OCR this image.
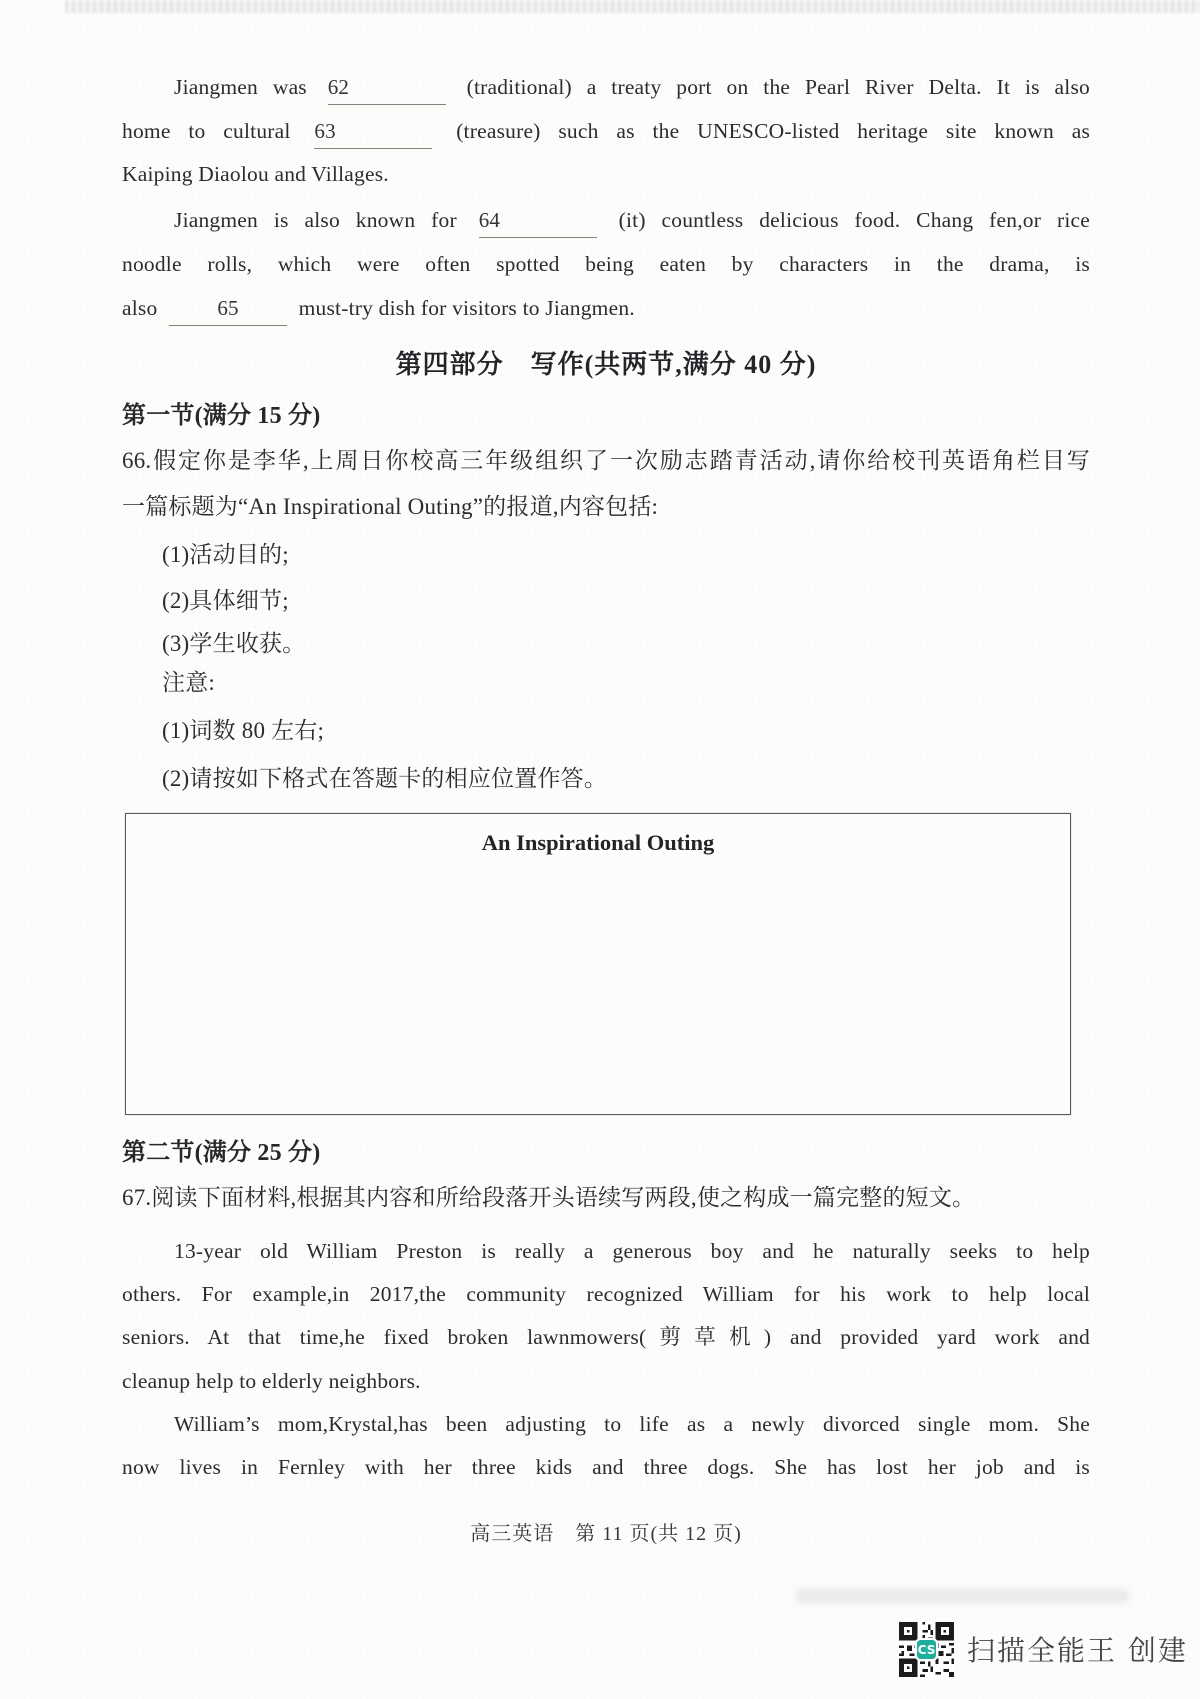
Jiangmen was 62	(traditional) a treaty port on the Pearl River Delta. It is also
home to cultural 63	(treasure) such as the UNESCO-listed heritage site known as
Kaiping Diaolou and Villages.
Jiangmen is also known for 64	(it) countless delicious food. Chang fen,or rice
noodle rolls, which were often spotted being eaten by characters in the drama, is
also	65	must-try dish for visitors to Jiangmen.
第四部分　写作(共两节,满分 40 分)
第一节(满分 15 分)
66.假定你是李华,上周日你校高三年级组织了一次励志踏青活动,请你给校刊英语角栏目写
一篇标题为“An Inspirational Outing”的报道,内容包括:
(1)活动目的;
(2)具体细节;
(3)学生收获。
注意:
(1)词数 80 左右;
(2)请按如下格式在答题卡的相应位置作答。
An Inspirational Outing
第二节(满分 25 分)
67.阅读下面材料,根据其内容和所给段落开头语续写两段,使之构成一篇完整的短文。
13-year old William Preston is really a generous boy and he naturally seeks to help
others. For example,in 2017,the community recognized William for his work to help local
seniors. At that time,he fixed broken lawnmowers(剪草机) and provided yard work and
cleanup help to elderly neighbors.
William’s mom,Krystal,has been adjusting to life as a newly divorced single mom. She
now lives in Fernley with her three kids and three dogs. She has lost her job and is
高三英语　第 11 页(共 12 页)
CS 扫描全能王 创建
